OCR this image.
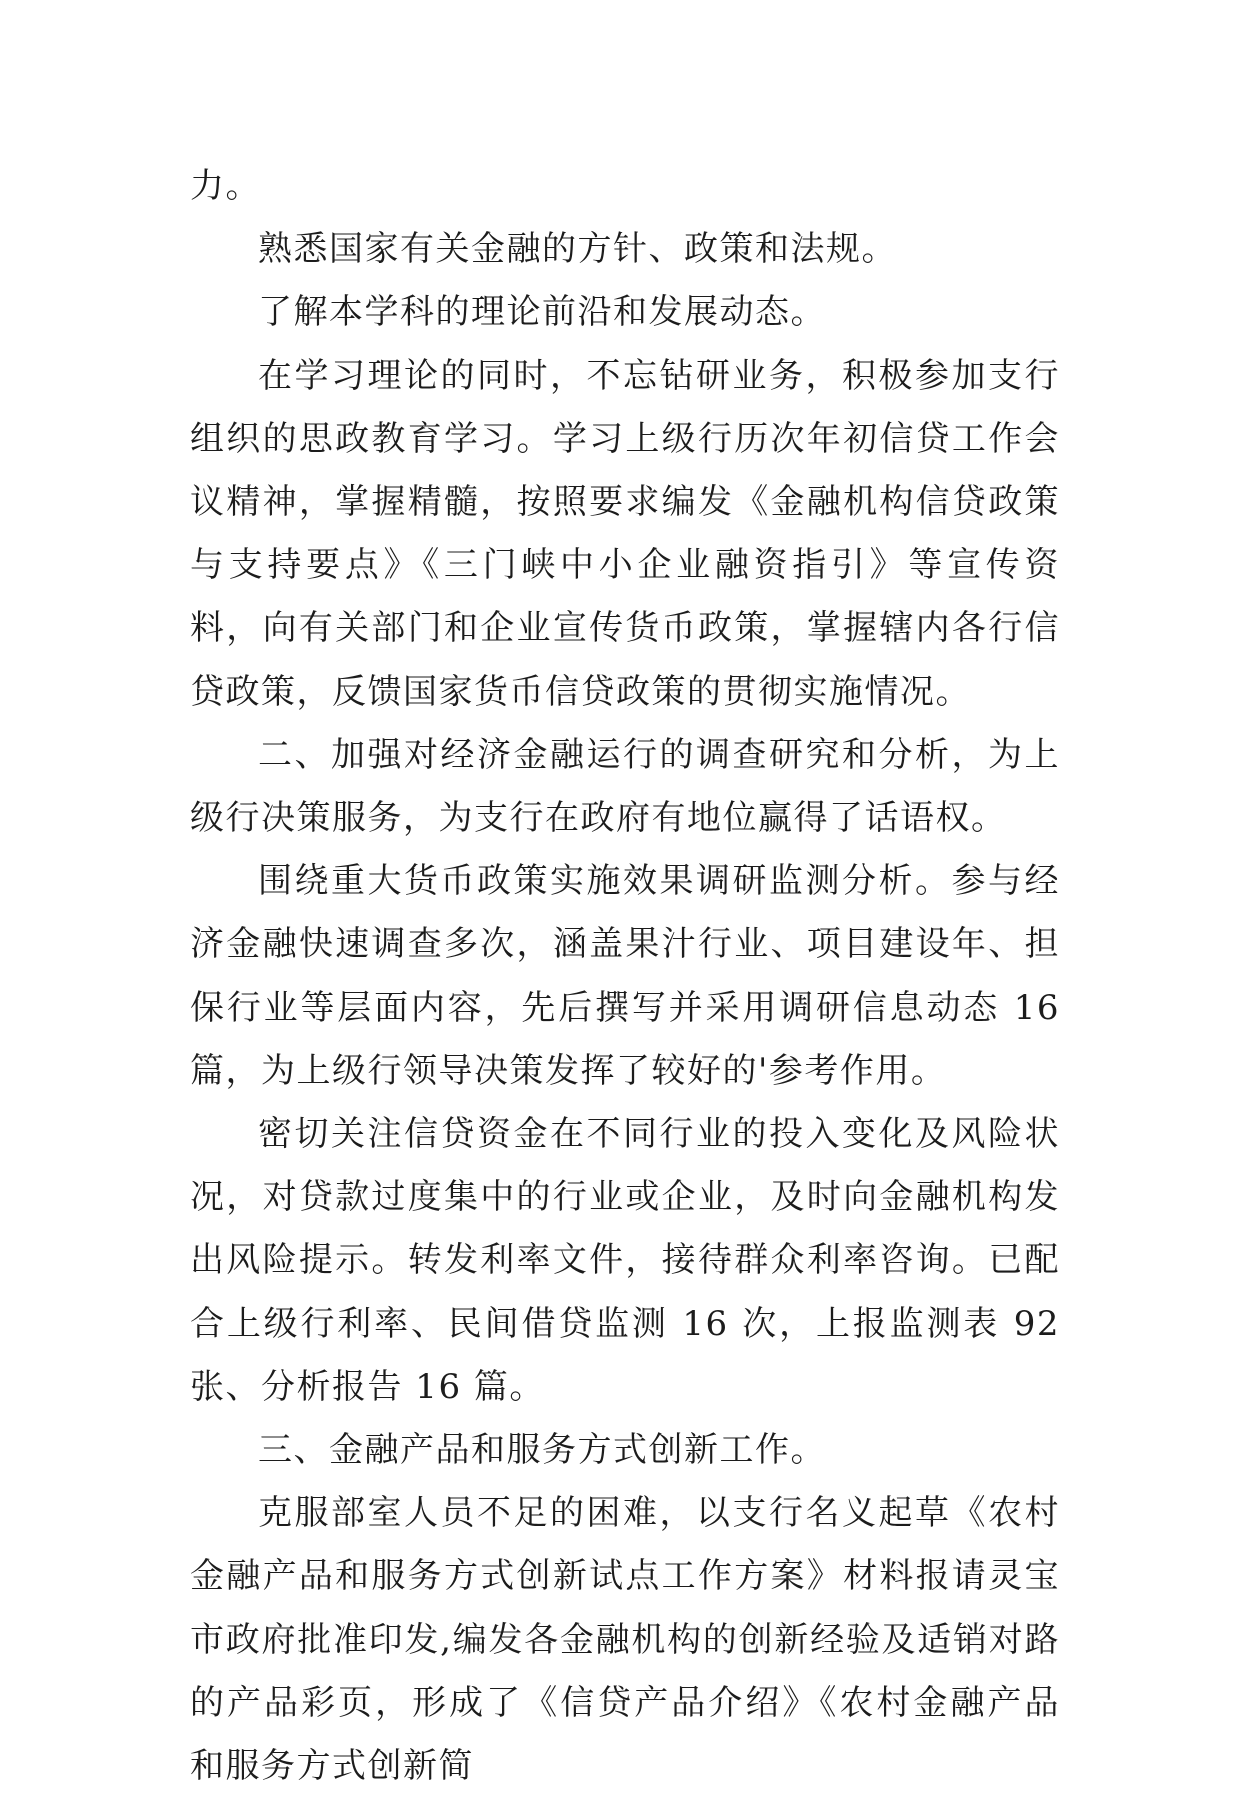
力。

熟悉国家有关金融的方针、政策和法规。

了解本学科的理论前沿和发展动态。

在学习理论的同时，不忘钻研业务，积极参加支行组织的思政教育学习。学习上级行历次年初信贷工作会议精神，掌握精髓，按照要求编发《金融机构信贷政策与支持要点》《三门峡中小企业融资指引》等宣传资料，向有关部门和企业宣传货币政策，掌握辖内各行信贷政策，反馈国家货币信贷政策的贯彻实施情况。

二、加强对经济金融运行的调查研究和分析，为上级行决策服务，为支行在政府有地位赢得了话语权。

围绕重大货币政策实施效果调研监测分析。参与经济金融快速调查多次，涵盖果汁行业、项目建设年、担保行业等层面内容，先后撰写并采用调研信息动态 16 篇，为上级行领导决策发挥了较好的'参考作用。

密切关注信贷资金在不同行业的投入变化及风险状况，对贷款过度集中的行业或企业，及时向金融机构发出风险提示。转发利率文件，接待群众利率咨询。已配合上级行利率、民间借贷监测 16 次，上报监测表 92 张、分析报告 16 篇。

三、金融产品和服务方式创新工作。

克服部室人员不足的困难，以支行名义起草《农村金融产品和服务方式创新试点工作方案》材料报请灵宝市政府批准印发,编发各金融机构的创新经验及适销对路的产品彩页，形成了《信贷产品介绍》《农村金融产品和服务方式创新简
